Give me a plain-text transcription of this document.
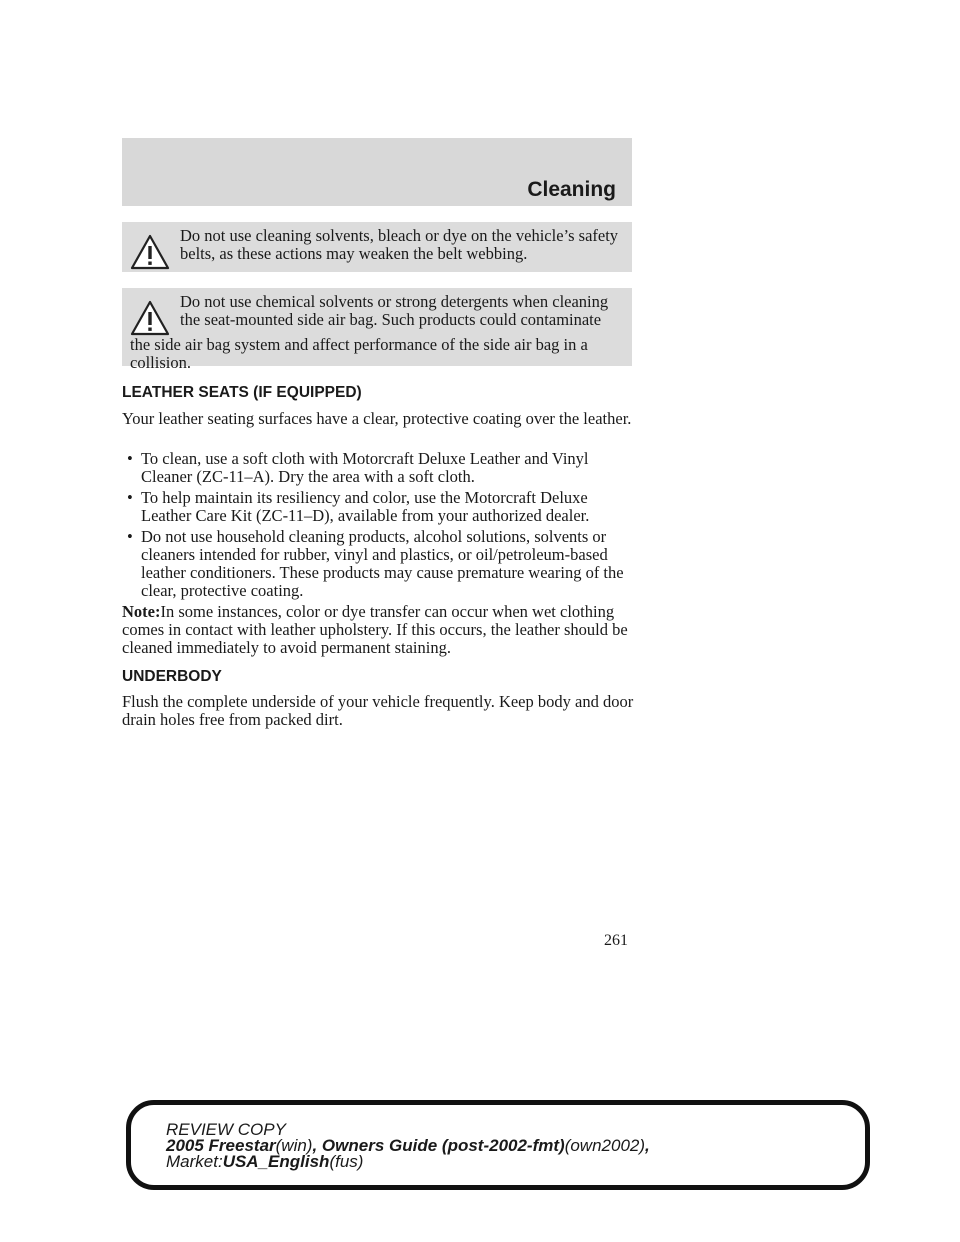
Cleaning
Do not use cleaning solvents, bleach or dye on the vehicle’s safety belts, as these actions may weaken the belt webbing.
Do not use chemical solvents or strong detergents when cleaning
the seat-mounted side air bag. Such products could contaminate
the side air bag system and affect performance of the side air bag in a collision.
LEATHER SEATS (IF EQUIPPED)
Your leather seating surfaces have a clear, protective coating over the leather.
• To clean, use a soft cloth with Motorcraft Deluxe Leather and Vinyl Cleaner (ZC-11–A). Dry the area with a soft cloth.
• To help maintain its resiliency and color, use the Motorcraft Deluxe Leather Care Kit (ZC-11–D), available from your authorized dealer.
• Do not use household cleaning products, alcohol solutions, solvents or cleaners intended for rubber, vinyl and plastics, or oil/petroleum-based leather conditioners. These products may cause premature wearing of the clear, protective coating.
Note:In some instances, color or dye transfer can occur when wet clothing comes in contact with leather upholstery. If this occurs, the leather should be cleaned immediately to avoid permanent staining.
UNDERBODY
Flush the complete underside of your vehicle frequently. Keep body and door drain holes free from packed dirt.
261
REVIEW COPY
2005 Freestar(win), Owners Guide (post-2002-fmt)(own2002),
Market:USA_English(fus)
